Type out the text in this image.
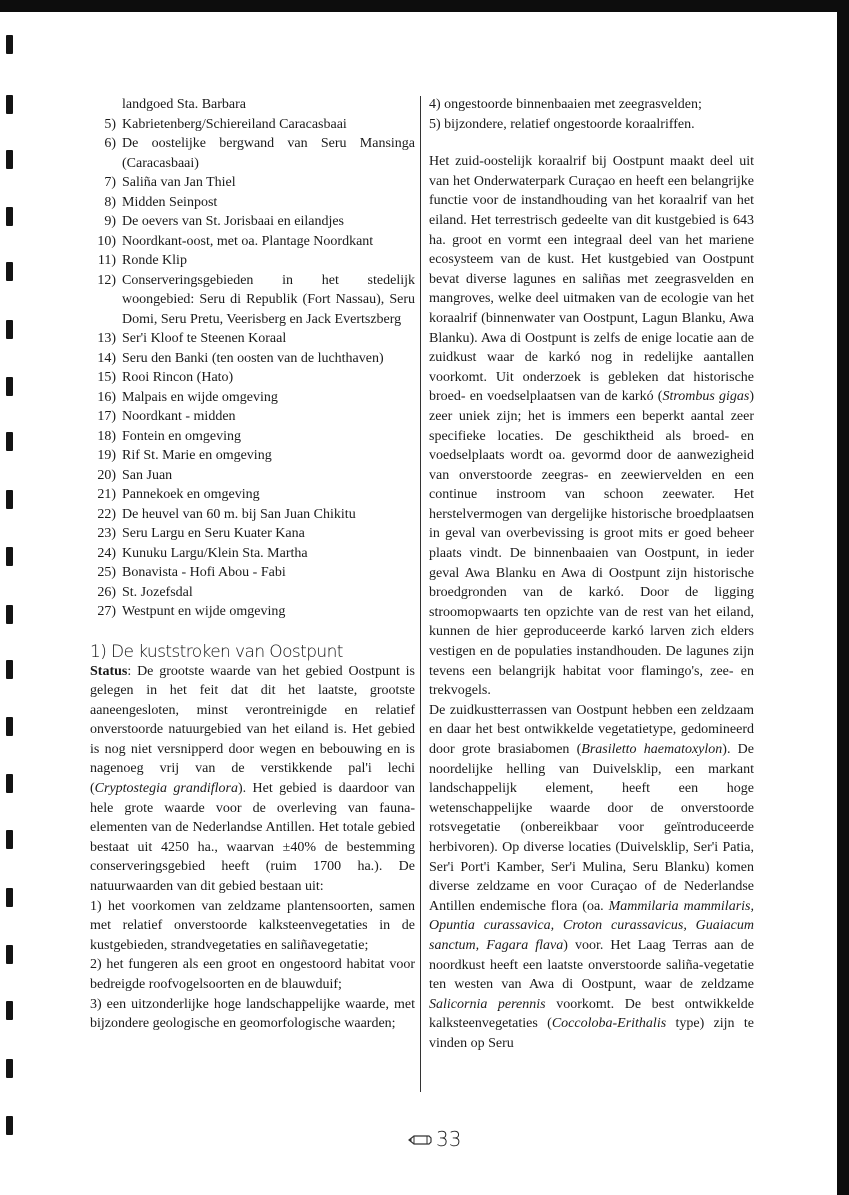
landgoed Sta. Barbara
5) Kabrietenberg/Schiereiland Caracasbaai
6) De oostelijke bergwand van Seru Mansinga (Caracasbaai)
7) Saliña van Jan Thiel
8) Midden Seinpost
9) De oevers van St. Jorisbaai en eilandjes
10) Noordkant-oost, met oa. Plantage Noordkant
11) Ronde Klip
12) Conserveringsgebieden in het stedelijk woongebied: Seru di Republik (Fort Nassau), Seru Domi, Seru Pretu, Veerisberg en Jack Evertszberg
13) Ser'i Kloof te Steenen Koraal
14) Seru den Banki (ten oosten van de luchthaven)
15) Rooi Rincon (Hato)
16) Malpais en wijde omgeving
17) Noordkant - midden
18) Fontein en omgeving
19) Rif St. Marie en omgeving
20) San Juan
21) Pannekoek en omgeving
22) De heuvel van 60 m. bij San Juan Chikitu
23) Seru Largu en Seru Kuater Kana
24) Kunuku Largu/Klein Sta. Martha
25) Bonavista - Hofi Abou - Fabi
26) St. Jozefsdal
27) Westpunt en wijde omgeving
1) De kuststroken van Oostpunt

Status: De grootste waarde van het gebied Oostpunt is gelegen in het feit dat dit het laatste, grootste aaneengesloten, minst verontreinigde en relatief onverstoorde natuurgebied van het eiland is. Het gebied is nog niet versnipperd door wegen en bebouwing en is nagenoeg vrij van de verstikkende pal'i lechi (Cryptostegia grandiflora). Het gebied is daardoor van hele grote waarde voor de overleving van fauna-elementen van de Nederlandse Antillen. Het totale gebied bestaat uit 4250 ha., waarvan ±40% de bestemming conserveringsgebied heeft (ruim 1700 ha.). De natuurwaarden van dit gebied bestaan uit:

1) het voorkomen van zeldzame plantensoorten, samen met relatief onverstoorde kalksteenvegetaties in de kustgebieden, strandvegetaties en saliñavegetatie;

2) het fungeren als een groot en ongestoord habitat voor bedreigde roofvogelsoorten en de blauwduif;

3) een uitzonderlijke hoge landschappelijke waarde, met bijzondere geologische en geomorfologische waarden;

4) ongestoorde binnenbaaien met zeegrasvelden;

5) bijzondere, relatief ongestoorde koraalriffen.

Het zuid-oostelijk koraalrif bij Oostpunt maakt deel uit van het Onderwaterpark Curaçao en heeft een belangrijke functie voor de instandhouding van het koraalrif van het eiland. Het terrestrisch gedeelte van dit kustgebied is 643 ha. groot en vormt een integraal deel van het mariene ecosysteem van de kust. Het kustgebied van Oostpunt bevat diverse lagunes en saliñas met zeegrasvelden en mangroves, welke deel uitmaken van de ecologie van het koraalrif (binnenwater van Oostpunt, Lagun Blanku, Awa Blanku). Awa di Oostpunt is zelfs de enige locatie aan de zuidkust waar de karkó nog in redelijke aantallen voorkomt. Uit onderzoek is gebleken dat historische broed- en voedselplaatsen van de karkó (Strombus gigas) zeer uniek zijn; het is immers een beperkt aantal zeer specifieke locaties. De geschiktheid als broed- en voedselplaats wordt oa. gevormd door de aanwezigheid van onverstoorde zeegras- en zeewiervelden en een continue instroom van schoon zeewater. Het herstelvermogen van dergelijke historische broedplaatsen in geval van overbevissing is groot mits er goed beheer plaats vindt. De binnenbaaien van Oostpunt, in ieder geval Awa Blanku en Awa di Oostpunt zijn historische broedgronden van de karkó. Door de ligging stroomopwaarts ten opzichte van de rest van het eiland, kunnen de hier geproduceerde karkó larven zich elders vestigen en de populaties instandhouden. De lagunes zijn tevens een belangrijk habitat voor flamingo's, zee- en trekvogels.

De zuidkustterrassen van Oostpunt hebben een zeldzaam en daar het best ontwikkelde vegetatietype, gedomineerd door grote brasiabomen (Brasiletto haematoxylon). De noordelijke helling van Duivelsklip, een markant landschappelijk element, heeft een hoge wetenschappelijke waarde door de onverstoorde rotsvegetatie (onbereikbaar voor geïntroduceerde herbivoren). Op diverse locaties (Duivelsklip, Ser'i Patia, Ser'i Port'i Kamber, Ser'i Mulina, Seru Blanku) komen diverse zeldzame en voor Curaçao of de Nederlandse Antillen endemische flora (oa. Mammilaria mammilaris, Opuntia curassavica, Croton curassavicus, Guaiacum sanctum, Fagara flava) voor. Het Laag Terras aan de noordkust heeft een laatste onverstoorde saliña-vegetatie ten westen van Awa di Oostpunt, waar de zeldzame Salicornia perennis voorkomt. De best ontwikkelde kalksteenvegetaties (Coccoloba-Erithalis type) zijn te vinden op Seru

33
